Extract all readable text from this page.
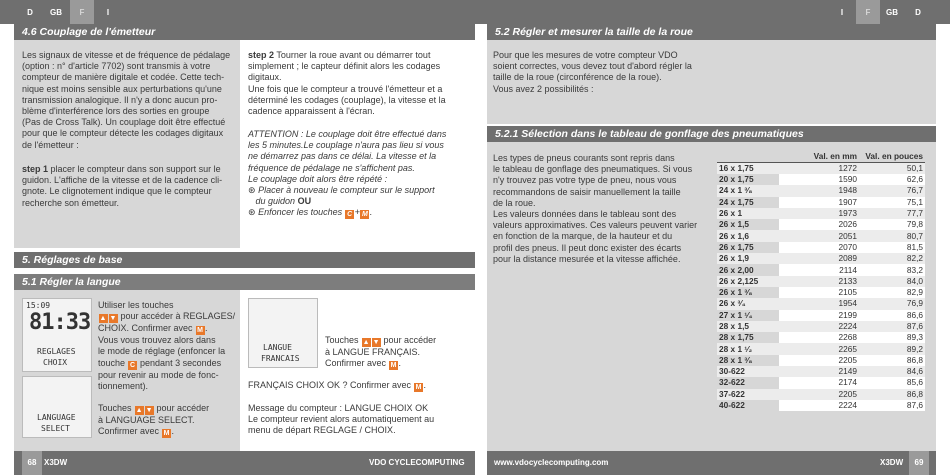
D	GB	F	I	I	F	GB	D
4.6 Couplage de l'émetteur

Les signaux de vitesse et de fréquence de pédalage

(option : n° d'article 7702) sont transmis à votre

compteur de manière digitale et codée. Cette tech-

nique est moins sensible aux perturbations qu'une

transmission analogique. Il n'y a donc aucun pro-

blème d'interférence lors des sorties en groupe

(Pas de Cross Talk). Un couplage doit être effectué

pour que le compteur détecte les codages digitaux

de l'émetteur :

step 1 placer le compteur dans son support sur le

guidon. L'affiche de la vitesse et de la cadence cli-

gnote. Le clignotement indique que le compteur

recherche son émetteur.

step 2 Tourner la roue avant ou démarrer tout

simplement ; le capteur définit alors les codages

digitaux.

Une fois que le compteur a trouvé l'émetteur et a

déterminé les codages (couplage), la vitesse et la

cadence apparaissent à l'écran.

ATTENTION : Le couplage doit être effectué dans

les 5 minutes.Le couplage n'aura pas lieu si vous

ne démarrez pas dans ce délai. La vitesse et la

fréquence de pédalage ne s'affichent pas.

Le couplage doit alors être répété :

⊛ Placer à nouveau le compteur sur le support

du guidon OU

⊛ Enfoncer les touches C + M .

5. Réglages de base
5.1 Régler la langue
15:09
81:33
REGLAGES
CHOIX

Utiliser les touches

▲ ▼ pour accéder à REGLAGES/

CHOIX. Confirmer avec M .

Vous vous trouvez alors dans

le mode de réglage (enfoncer la

touche C pendant 3 secondes

pour revenir au mode de fonc-

tionnement).

LANGUAGE
SELECT

Touches ▲ ▼ pour accéder

à LANGUAGE SELECT.

Confirmer avec M .

LANGUE
FRANCAIS

Touches ▲ ▼ pour accéder

à LANGUE FRANÇAIS.

Confirmer avec M .

FRANÇAIS CHOIX OK ? Confirmer avec M .

Message du compteur : LANGUE CHOIX OK

Le compteur revient alors automatiquement au

menu de départ REGLAGE / CHOIX.

5.2 Régler et mesurer la taille de la roue

Pour que les mesures de votre compteur VDO

soient correctes, vous devez tout d'abord régler la

taille de la roue (circonférence de la roue).

Vous avez 2 possibilités :

5.2.1 Sélection dans le tableau de gonflage des pneumatiques

Les types de pneus courants sont repris dans

le tableau de gonflage des pneumatiques. Si vous

n'y trouvez pas votre type de pneu, nous vous

recommandons de saisir manuellement la taille

de la roue.

Les valeurs données dans le tableau sont des

valeurs approximatives. Ces valeurs peuvent varier

en fonction de la marque, de la hauteur et du

profil des pneus. Il peut donc exister des écarts

pour la distance mesurée et la vitesse affichée.

	Val. en mm	Val. en pouces
16 x 1,75	1272	50,1
20 x 1,75	1590	62,6
24 x 1 ³⁄₈	1948	76,7
24 x 1,75	1907	75,1
26 x 1	1973	77,7
26 x 1,5	2026	79,8
26 x 1,6	2051	80,7
26 x 1,75	2070	81,5
26 x 1,9	2089	82,2
26 x 2,00	2114	83,2
26 x 2,125	2133	84,0
26 x 1 ³⁄₈	2105	82,9
26 x ³⁄₄	1954	76,9
27 x 1 ¹⁄₄	2199	86,6
28 x 1,5	2224	87,6
28 x 1,75	2268	89,3
28 x 1 ¹⁄₂	2265	89,2
28 x 1 ³⁄₈	2205	86,8
30-622	2149	84,6
32-622	2174	85,6
37-622	2205	86,8
40-622	2224	87,6
X3DW	VDO CYCLECOMPUTING
68	www.vdocyclecomputing.com	X3DW	69
